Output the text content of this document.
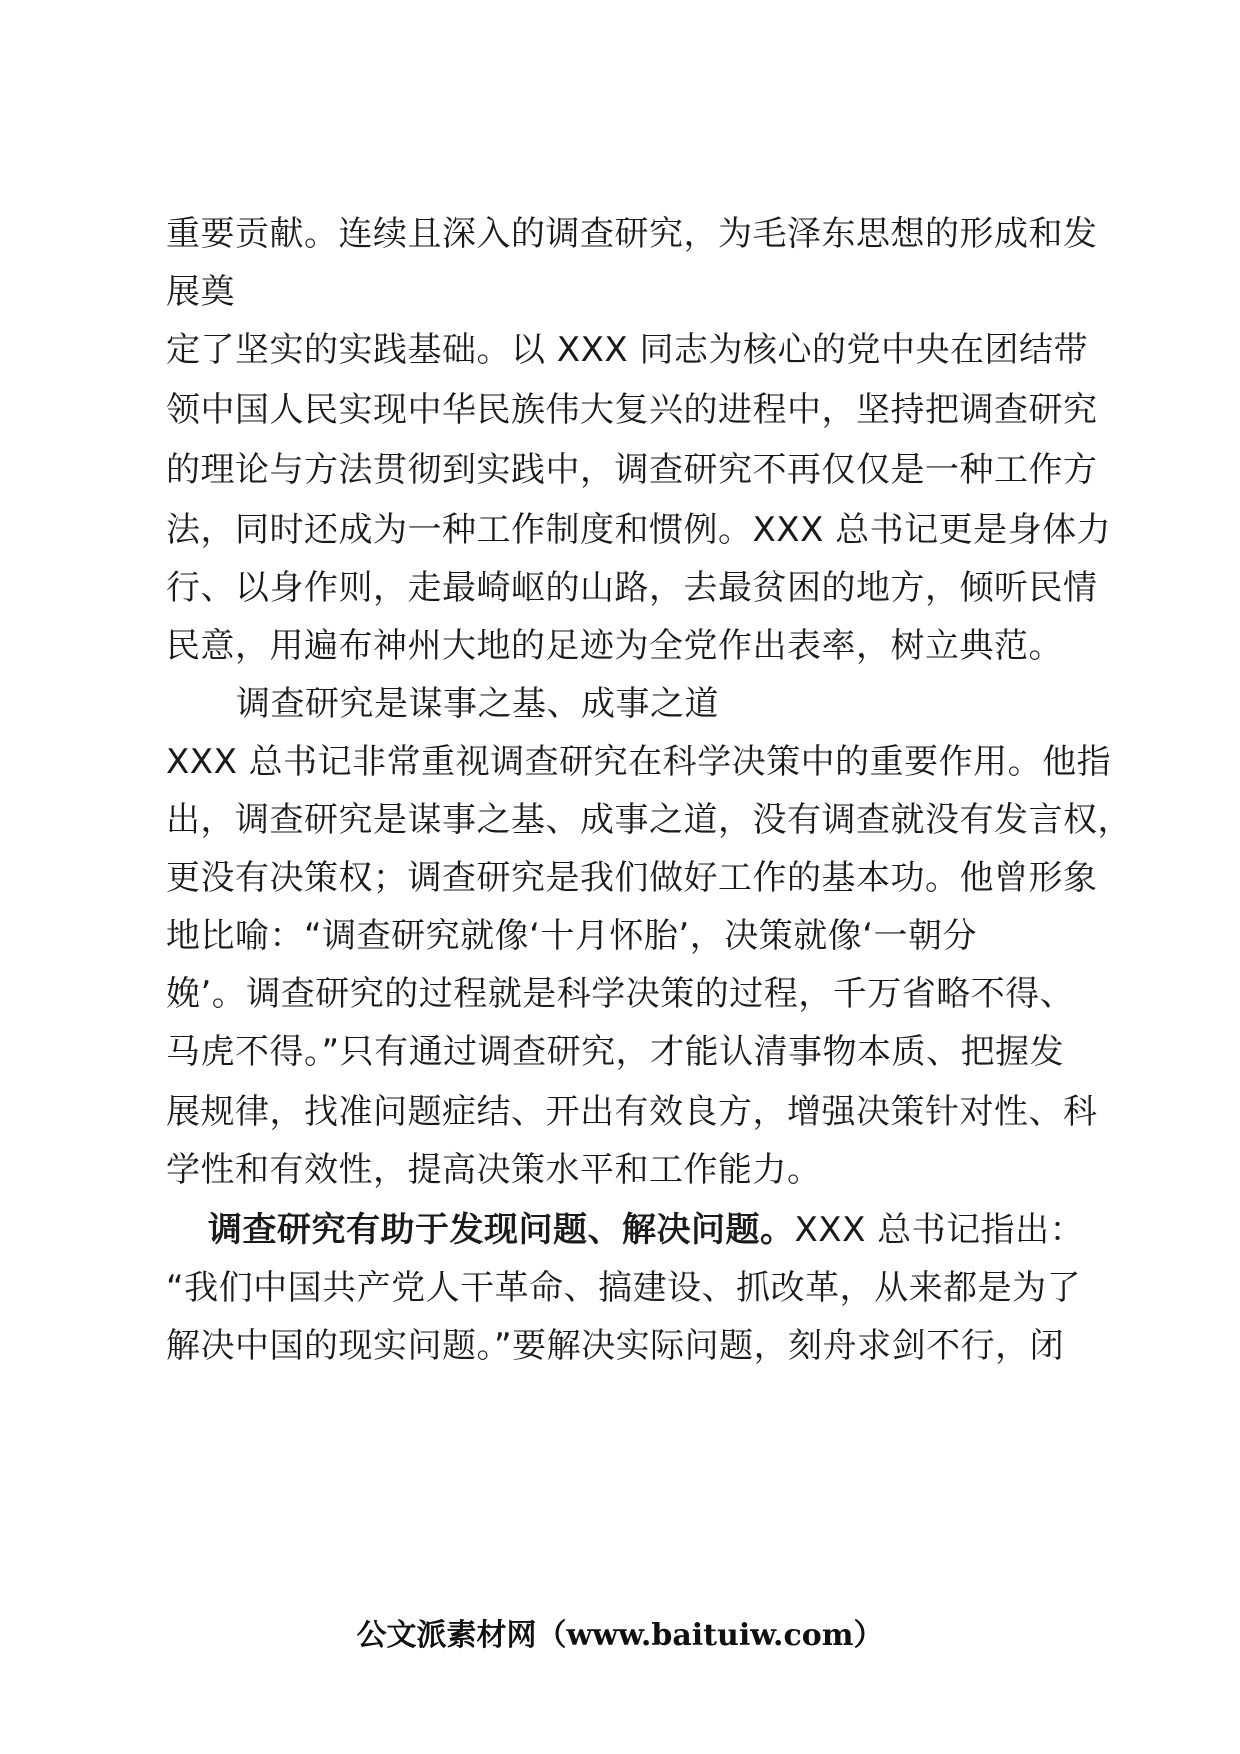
重要贡献。连续且深入的调查研究，为毛泽东思想的形成和发
展奠
定了坚实的实践基础。以 XXX 同志为核心的党中央在团结带
领中国人民实现中华民族伟大复兴的进程中，坚持把调查研究
的理论与方法贯彻到实践中，调查研究不再仅仅是一种工作方
法，同时还成为一种工作制度和惯例。XXX 总书记更是身体力
行、以身作则，走最崎岖的山路，去最贫困的地方，倾听民情
民意，用遍布神州大地的足迹为全党作出表率，树立典范。
调查研究是谋事之基、成事之道
XXX 总书记非常重视调查研究在科学决策中的重要作用。他指
出，调查研究是谋事之基、成事之道，没有调查就没有发言权，
更没有决策权；调查研究是我们做好工作的基本功。他曾形象
地比喻：“调查研究就像‘十月怀胎’，决策就像‘一朝分
娩’。调查研究的过程就是科学决策的过程，千万省略不得、
马虎不得。”只有通过调查研究，才能认清事物本质、把握发
展规律，找准问题症结、开出有效良方，增强决策针对性、科
学性和有效性，提高决策水平和工作能力。
调查研究有助于发现问题、解决问题。XXX 总书记指出：
“我们中国共产党人干革命、搞建设、抓改革，从来都是为了
解决中国的现实问题。”要解决实际问题，刻舟求剑不行，闭
公文派素材网（www.baituiw.com）
